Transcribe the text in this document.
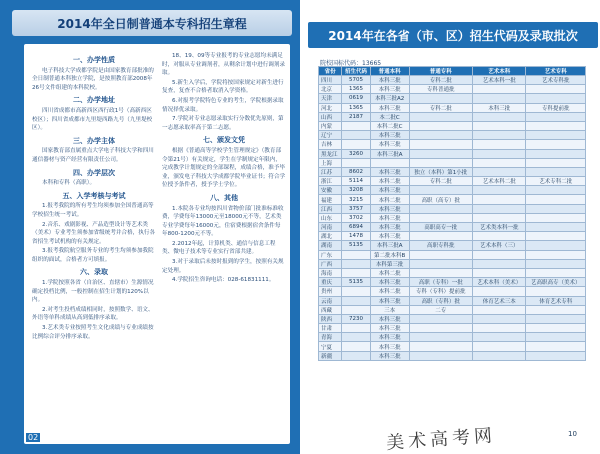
2014年全日制普通本专科招生章程
一、办学性质

电子科技大学成都学院是由国家教育部批准的全日制普通本科独立学院，是按照教育部2008年26号文件组建的本科院校。

二、办学地址

四川省成都市高新西区西行政1号（高新西区校区）；四川省成都市九里堤西路九号（九里堤校区）。

三、办学主体

国家教育部直属重点大学电子科技大学和四川通信器材与资产经营有限责任公司。

四、办学层次

本科和专科（高职）。

五、入学考核与考试

1.报考我院的所有考生均须参加全国普通高等学校招生统一考试。

2.音乐、戏剧影视、产品造型设计等艺术类（美术）专业考生须参加省级统考并合格，执行各省招生考试机构的有关规定。

3.报考我院航空服务专业的考生均须参加我院组织的面试，合格者方可填报。

六、录取

1.学院按照各省（自治区、直辖市）生源情况确定投档比例，一般控制在招生计划的120%以内。

2.对考生投档成绩相同时，按照数学、语文、外语等单科成绩从高到低排序录取。

3.艺术类专业按照考生文化成绩与专业成绩按比例综合评分排序录取。

18、19、09等专业报考的专业志愿均未满足时，对服从专业调剂者，从剩余计划中进行调剂录取。

5.新生入学后，学院将按国家规定对新生进行复查，复查不合格者取消入学资格。

6.对报考学院特色专业的考生，学院根据录取情况择优录取。

7.学院对专业志愿录取实行分数优先原则，第一志愿录取率高于第二志愿。

七、颁发文凭

根据《普通高等学校学生管理规定》（教育部令第21号）有关规定，学生在学制规定年限内，完成教学计划规定的全部课程，成绩合格，准予毕业，颁发电子科技大学成都学院毕业证书；符合学位授予条件者，授予学士学位。

八、其他

1.本院各专业均按四川省物价部门批准标准收费，学费每年13000元至18000元不等，艺术类专业学费每年16000元，住宿费根据宿舍条件每年800-1200元不等。

2.2012年起，计算机类、通信与信息工程类、微电子技术等专业实行省部共建。

3.对于录取后未按时报到的学生，按照有关规定处理。

4.学院招生咨询电话：028-61831111。

02
2014年在各省（市、区）招生代码及录取批次
院校国标代码：13665
省份	招生代码	普通本科	普通专科	艺术本科	艺术专科
四川	5705	本科三批	专科二批	艺术本科一批	艺术专科批
北京	1365	本科三批	专科普通批		
天津	0619	本科三批A2			
河北	1365	本科三批	专科二批	本科三批	专科提前批
山西	2187	本二批C			
内蒙		本科二批C			
辽宁		本科三批			
吉林		本科三批			
黑龙江	3260	本科三批A			
上海					
江苏	8602	本科三批	独立（本科）第1小批		
浙江	5114	本科二批	专科二批	艺术本科二批	艺术专科二批
安徽	3208	本科三批			
福建	3215	本科二批	高职（高专）批		
江西	3757	本科三批			
山东	3702	本科三批			
河南	6894	本科三批	高职高专一批	艺术类本科一批	
湖北	1478	本科三批			
湖南	5135	本科三批A	高职专科批	艺术本科（三）	
广东		第二批本科B			
广西		本科第三批			
海南		本科二批			
重庆	5135	本科三批	高职（专科）一批	艺术本科（美术）	艺高职高专（美术）
贵州		本科二批	专科（专科）提前批		
云南		本科三批	高职（专科）批	体育艺术三本	体育艺术专科
西藏		三本	二专		
陕西	7230	本科三批			
甘肃		本科三批			
青海		本科三批			
宁夏		本科三批			
新疆		本科三批			
美术高考网	10
